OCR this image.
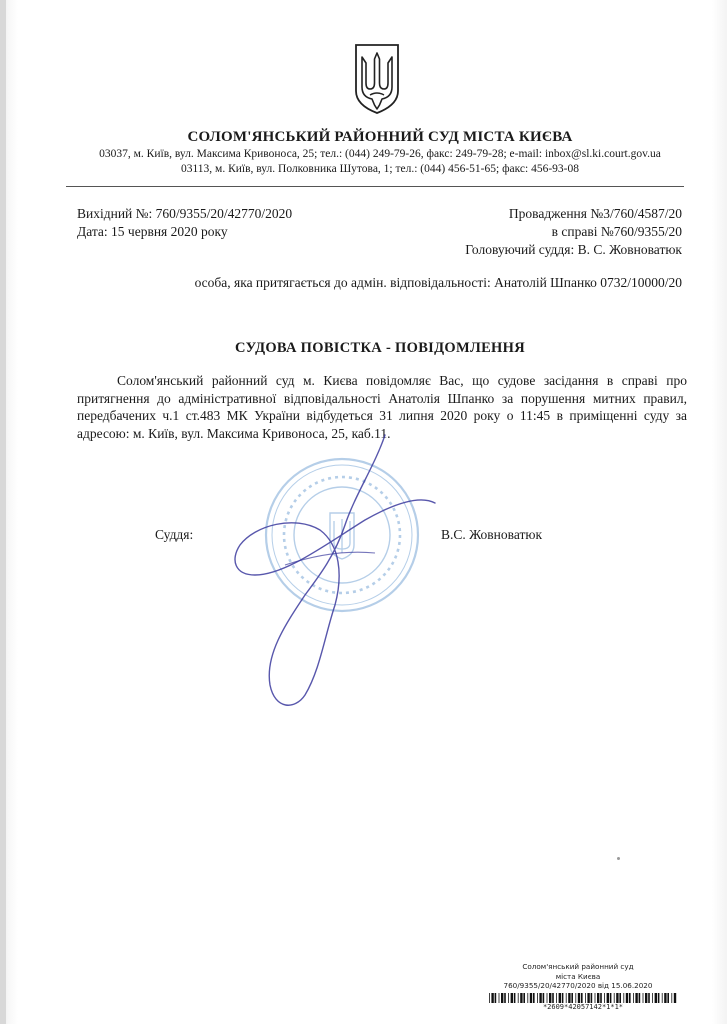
СОЛОМ'ЯНСЬКИЙ РАЙОННИЙ СУД МІСТА КИЄВА
03037, м. Київ, вул. Максима Кривоноса, 25; тел.: (044) 249-79-26, факс: 249-79-28; e-mail: inbox@sl.ki.court.gov.ua
03113, м. Київ, вул. Полковника Шутова, 1; тел.: (044) 456-51-65; факс: 456-93-08
Вихідний №: 760/9355/20/42770/2020
Дата: 15 червня 2020 року
Провадження №3/760/4587/20
в справі №760/9355/20
Головуючий суддя: В. С. Жовноватюк
особа, яка притягається до адмін. відповідальності: Анатолій Шпанко 0732/10000/20
СУДОВА ПОВІСТКА - ПОВІДОМЛЕННЯ

Солом'янський районний суд м. Києва повідомляє Вас, що судове засідання в справі про притягнення до адміністративної відповідальності Анатолія Шпанко за порушення митних правил, передбачених ч.1 ст.483 МК України відбудеться 31 липня 2020 року о 11:45 в приміщенні суду за адресою: м. Київ, вул. Максима Кривоноса, 25, каб.11.

Суддя:	В.С. Жовноватюк
Солом'янський районний суд
міста Києва
760/9355/20/42770/2020 від 15.06.2020
*2609*42057142*1*1*
